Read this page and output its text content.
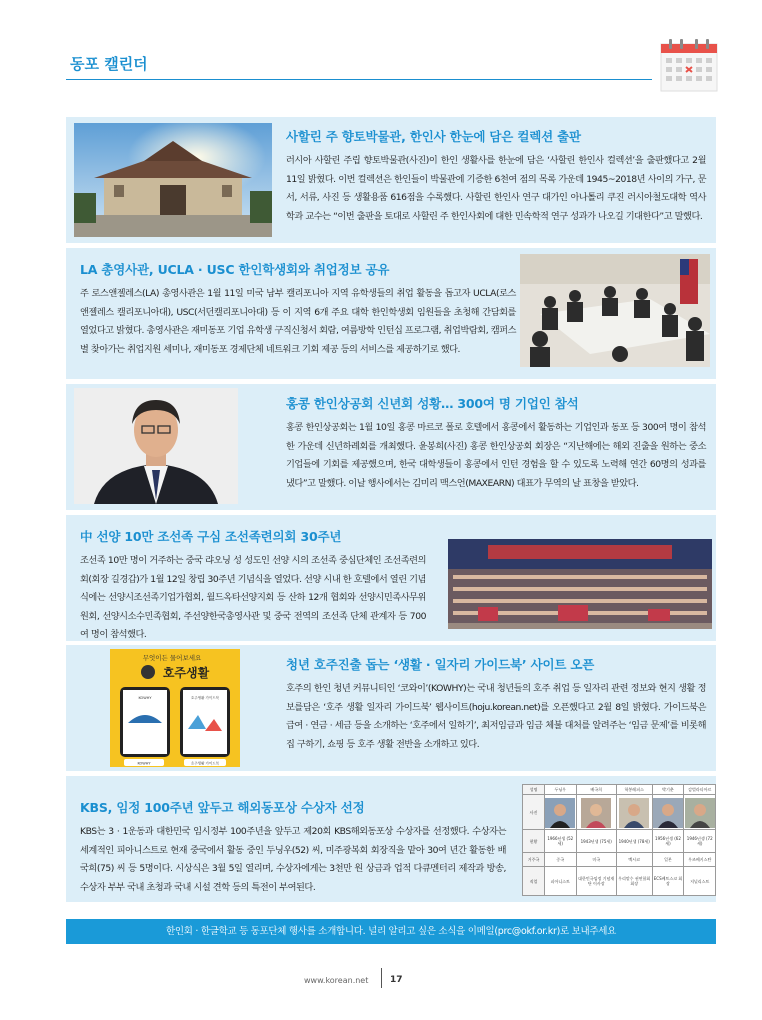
동포 캘린더
사할린 주 향토박물관, 한인사 한눈에 담은 컬렉션 출판

러시아 사할린 주립 향토박물관(사진)이 한인 생활사를 한눈에 담은 ‘사할린 한인사 컬렉션’을 출판했다고 2월 11일 밝혔다. 이번 컬렉션은 한인들이 박물관에 기증한 6천여 점의 목록 가운데 1945~2018년 사이의 가구, 문서, 서류, 사진 등 생활용품 616점을 수록했다. 사할린 한인사 연구 대가인 아나톨리 쿠진 러시아철도대학 역사학과 교수는 “이번 출판을 토대로 사할린 주 한인사회에 대한 민속학적 연구 성과가 나오길 기대한다”고 말했다.

LA 총영사관, UCLA · USC 한인학생회와 취업정보 공유

주 로스앤젤레스(LA) 총영사관은 1월 11일 미국 남부 캘리포니아 지역 유학생들의 취업 활동을 돕고자 UCLA(로스앤젤레스 캘리포니아대), USC(서던캘리포니아대) 등 이 지역 6개 주요 대학 한인학생회 임원들을 초청해 간담회를 열었다고 밝혔다. 총영사관은 재미동포 기업 유학생 구직신청서 회람, 여름방학 인턴십 프로그램, 취업박람회, 캠퍼스별 찾아가는 취업지원 세미나, 재미동포 경제단체 네트워크 기회 제공 등의 서비스를 제공하기로 했다.

홍콩 한인상공회 신년회 성황… 300여 명 기업인 참석

홍콩 한인상공회는 1월 10일 홍콩 마르코 폴로 호텔에서 홍콩에서 활동하는 기업인과 동포 등 300여 명이 참석한 가운데 신년하례회를 개최했다. 윤봉희(사진) 홍콩 한인상공회 회장은 “지난해에는 해외 진출을 원하는 중소기업들에 기회를 제공했으며, 한국 대학생들이 홍콩에서 인턴 경험을 할 수 있도록 노력해 연간 60명의 성과를 냈다”고 말했다. 이날 행사에서는 김미리 맥스언(MAXEARN) 대표가 무역의 날 표창을 받았다.

中 선양 10만 조선족 구심 조선족련의회 30주년

조선족 10만 명이 거주하는 중국 랴오닝 성 성도인 선양 시의 조선족 중심단체인 조선족련의회(회장 길경갑)가 1월 12일 창립 30주년 기념식을 열었다. 선양 시내 한 호텔에서 열린 기념식에는 선양시조선족기업가협회, 월드옥타선양지회 등 산하 12개 협회와 선양시민족사무위원회, 선양시소수민족협회, 주선양한국총영사관 및 중국 전역의 조선족 단체 관계자 등 700여 명이 참석했다.

무엇이든 물어보세요
호주생활
KOWHY	호주생활 가이드북
KOWHY	호주생활 가이드북
청년 호주진출 돕는 ‘생활 · 일자리 가이드북’ 사이트 오픈

호주의 한인 청년 커뮤니티인 ‘코와이’(KOWHY)는 국내 청년들의 호주 취업 등 일자리 관련 정보와 현지 생활 정보를담은 ‘호주 생활 일자리 가이드북’ 웹사이트(hoju.korean.net)를 오픈했다고 2월 8일 밝혔다. 가이드북은 급여 · 연금 · 세금 등을 소개하는 ‘호주에서 일하기’, 최저임금과 임금 체불 대처를 알려주는 ‘임금 문제’를 비롯해 집 구하기, 쇼핑 등 호주 생활 전반을 소개하고 있다.

KBS, 임정 100주년 앞두고 해외동포상 수상자 선정

KBS는 3 · 1운동과 대한민국 임시정부 100주년을 앞두고 제20회 KBS해외동포상 수상자를 선정했다. 수상자는 세계적인 피아니스트로 현재 중국에서 활동 중인 두닝우(52) 씨, 미주광복회 회장직을 맡아 30여 년간 활동한 배국희(75) 씨 등 5명이다. 시상식은 3월 5일 열리며, 수상자에게는 3천만 원 상금과 업적 다큐멘터리 제작과 방송, 수상자 부부 국내 초청과 국내 시설 견학 등의 특전이 부여된다.

성명	두닝우	배국희	학봉레퍼스	박기춘	감벌라티아르
사진	

현황	1966년생 (52세)	1943년생 (75세)	1940년생 (78세)	1956년생 (62세)	1946년생 (72세)
거주국	중국	미국	멕시코	일본	우즈베키스탄
직업	피아니스트	대한민국임정 기념재단 이사장	우리말수 권연합회 회장	ECS베트스코 회장	저널리스트
한인회 · 한글학교 등 동포단체 행사를 소개합니다. 널리 알리고 싶은 소식을 이메일(prc@okf.or.kr)로 보내주세요
www.korean.net 17
